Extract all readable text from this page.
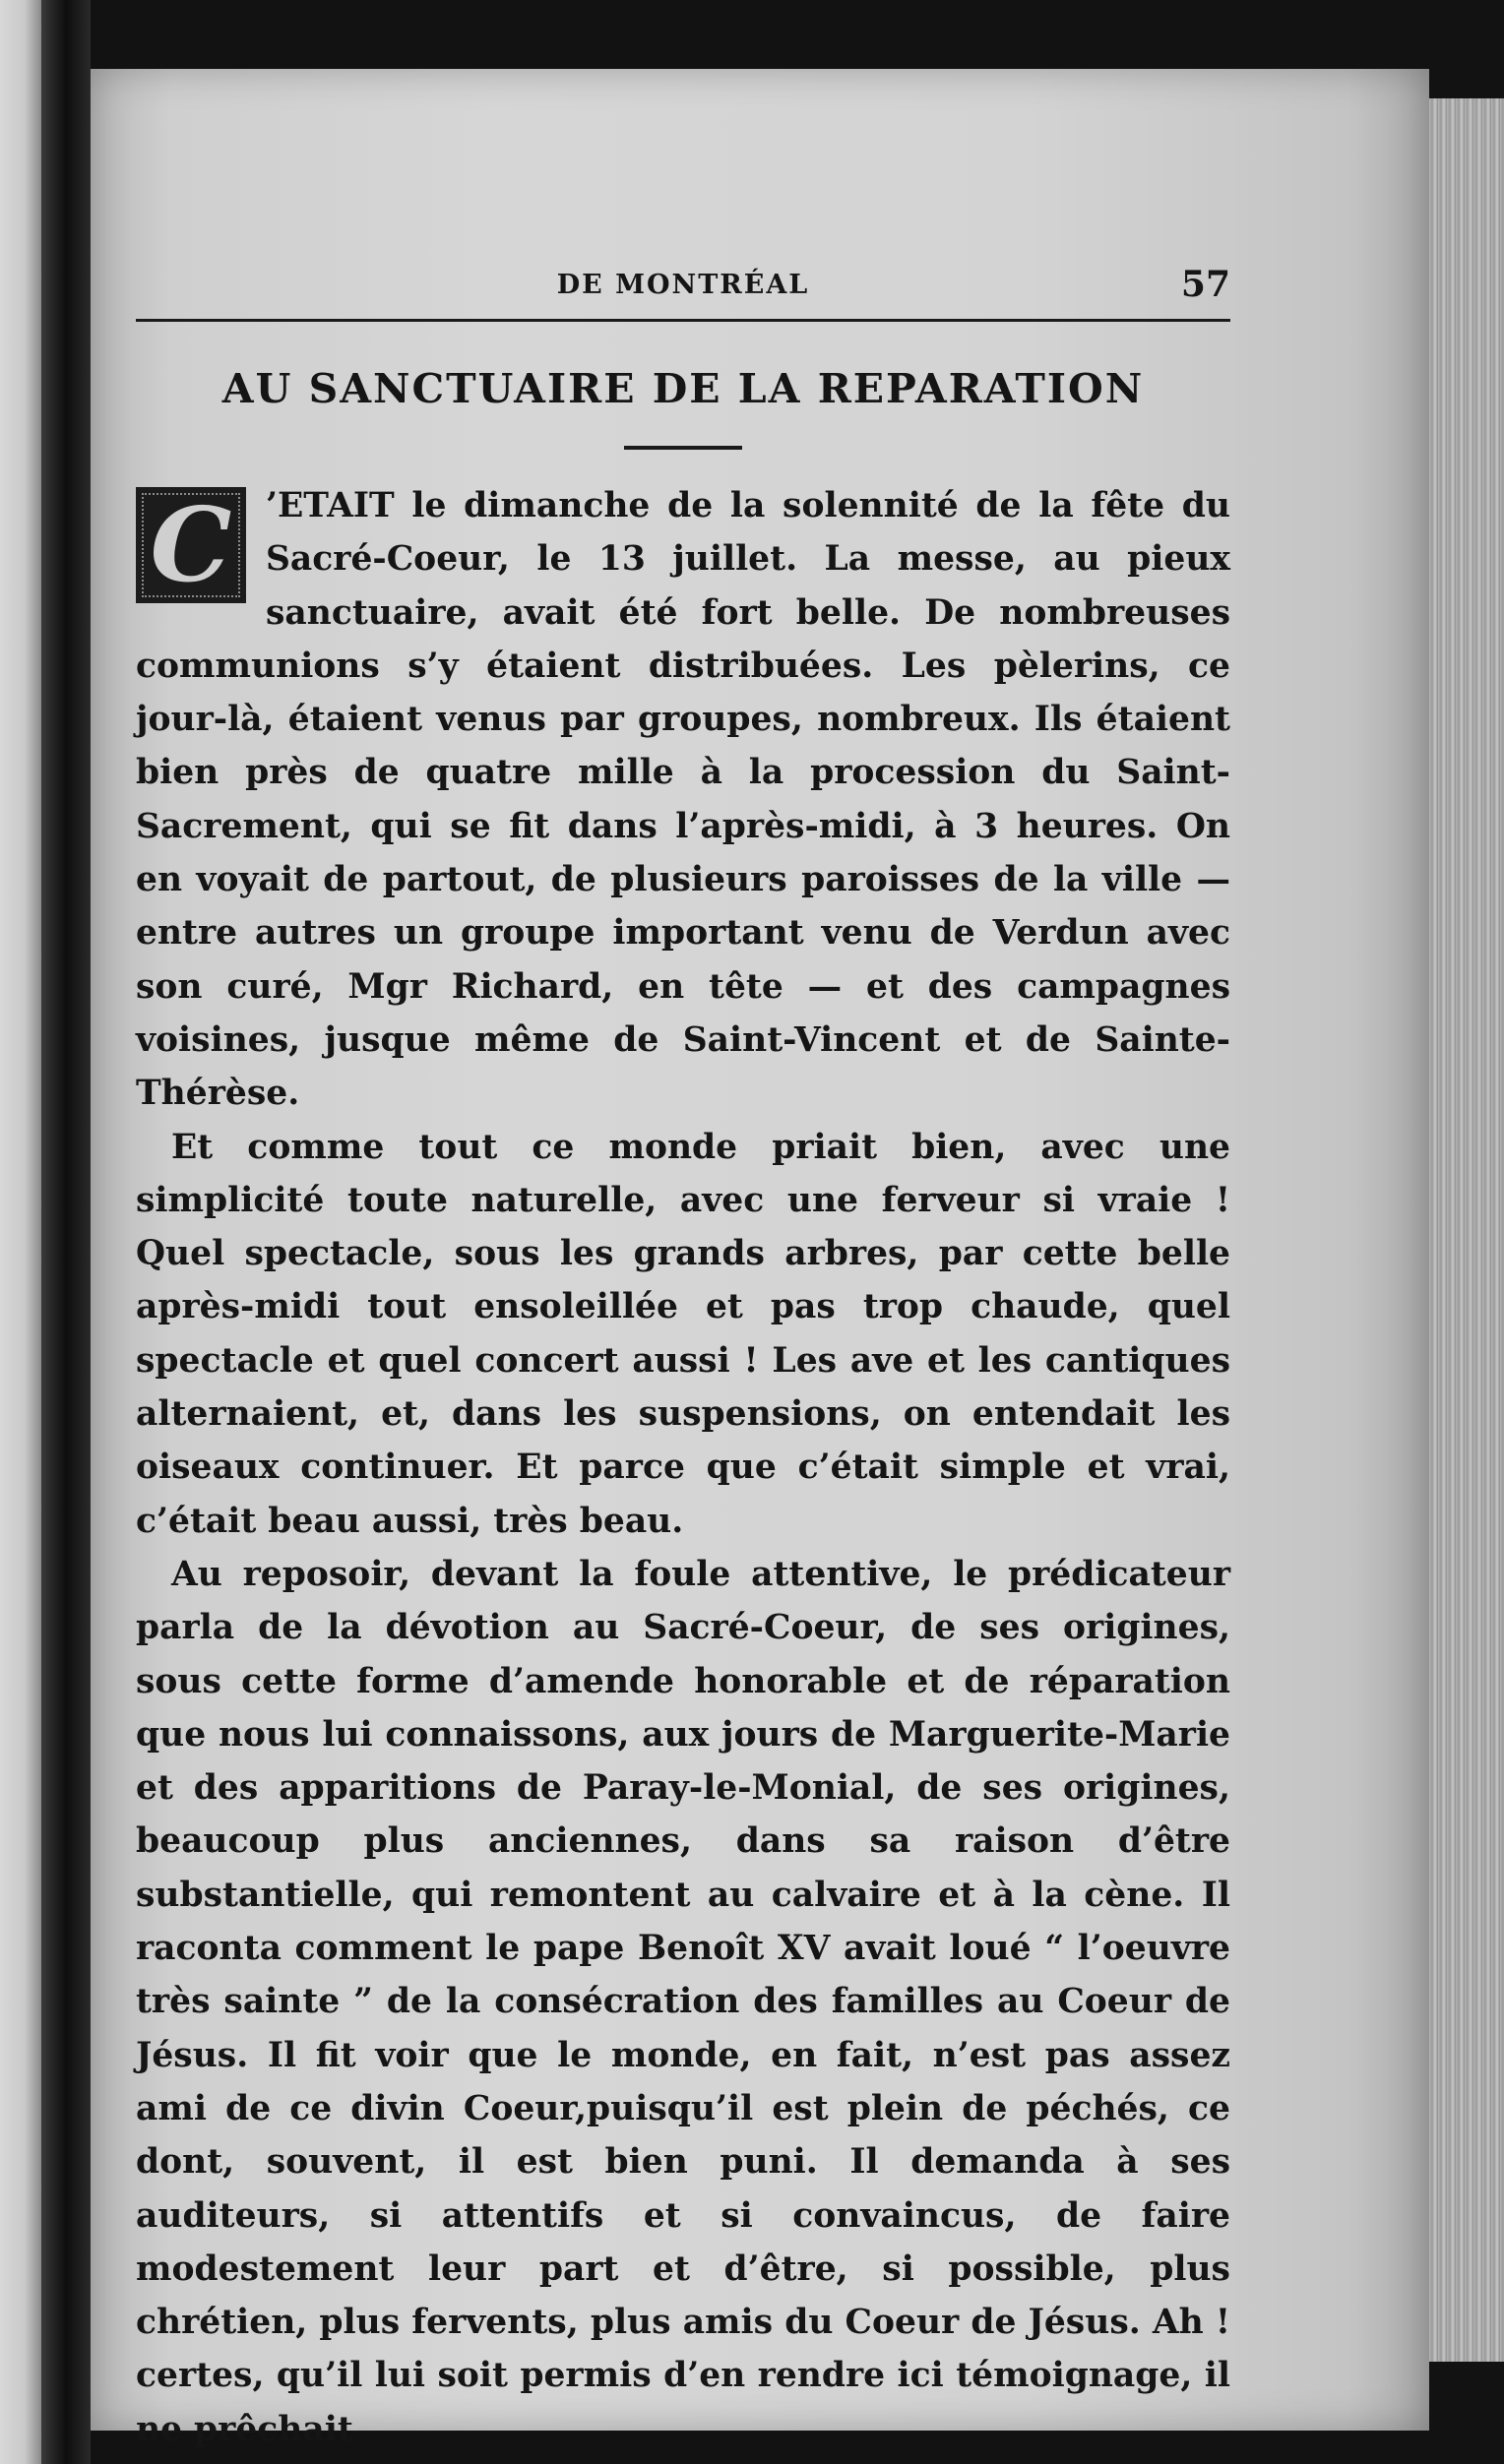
DE MONTRÉAL	57
AU SANCTUAIRE DE LA REPARATION

C	’ETAIT le dimanche de la solennité de la fête du Sacré-Coeur, le 13 juillet. La messe, au pieux sanctuaire, avait été fort belle. De nombreuses communions s’y étaient distribuées. Les pèlerins, ce jour-là, étaient venus par groupes, nombreux. Ils étaient bien près de quatre mille à la procession du Saint-Sacrement, qui se fit dans l’après-midi, à 3 heures. On en voyait de partout, de plusieurs paroisses de la ville — entre autres un groupe important venu de Verdun avec son curé, Mgr Richard, en tête — et des campagnes voisines, jusque même de Saint-Vincent et de Sainte-Thérèse.

Et comme tout ce monde priait bien, avec une simplicité toute naturelle, avec une ferveur si vraie ! Quel spectacle, sous les grands arbres, par cette belle après-midi tout ensoleillée et pas trop chaude, quel spectacle et quel concert aussi ! Les ave et les cantiques alternaient, et, dans les suspensions, on entendait les oiseaux continuer. Et parce que c’était simple et vrai, c’était beau aussi, très beau.

Au reposoir, devant la foule attentive, le prédicateur parla de la dévotion au Sacré-Coeur, de ses origines, sous cette forme d’amende honorable et de réparation que nous lui connaissons, aux jours de Marguerite-Marie et des apparitions de Paray-le-Monial, de ses origines, beaucoup plus anciennes, dans sa raison d’être substantielle, qui remontent au calvaire et à la cène. Il raconta comment le pape Benoît XV avait loué “ l’oeuvre très sainte ” de la consécration des familles au Coeur de Jésus. Il fit voir que le monde, en fait, n’est pas assez ami de ce divin Coeur,puisqu’il est plein de péchés, ce dont, souvent, il est bien puni. Il demanda à ses auditeurs, si attentifs et si convaincus, de faire modestement leur part et d’être, si possible, plus chrétien, plus fervents, plus amis du Coeur de Jésus. Ah ! certes, qu’il lui soit permis d’en rendre ici témoignage, il ne prêchait
